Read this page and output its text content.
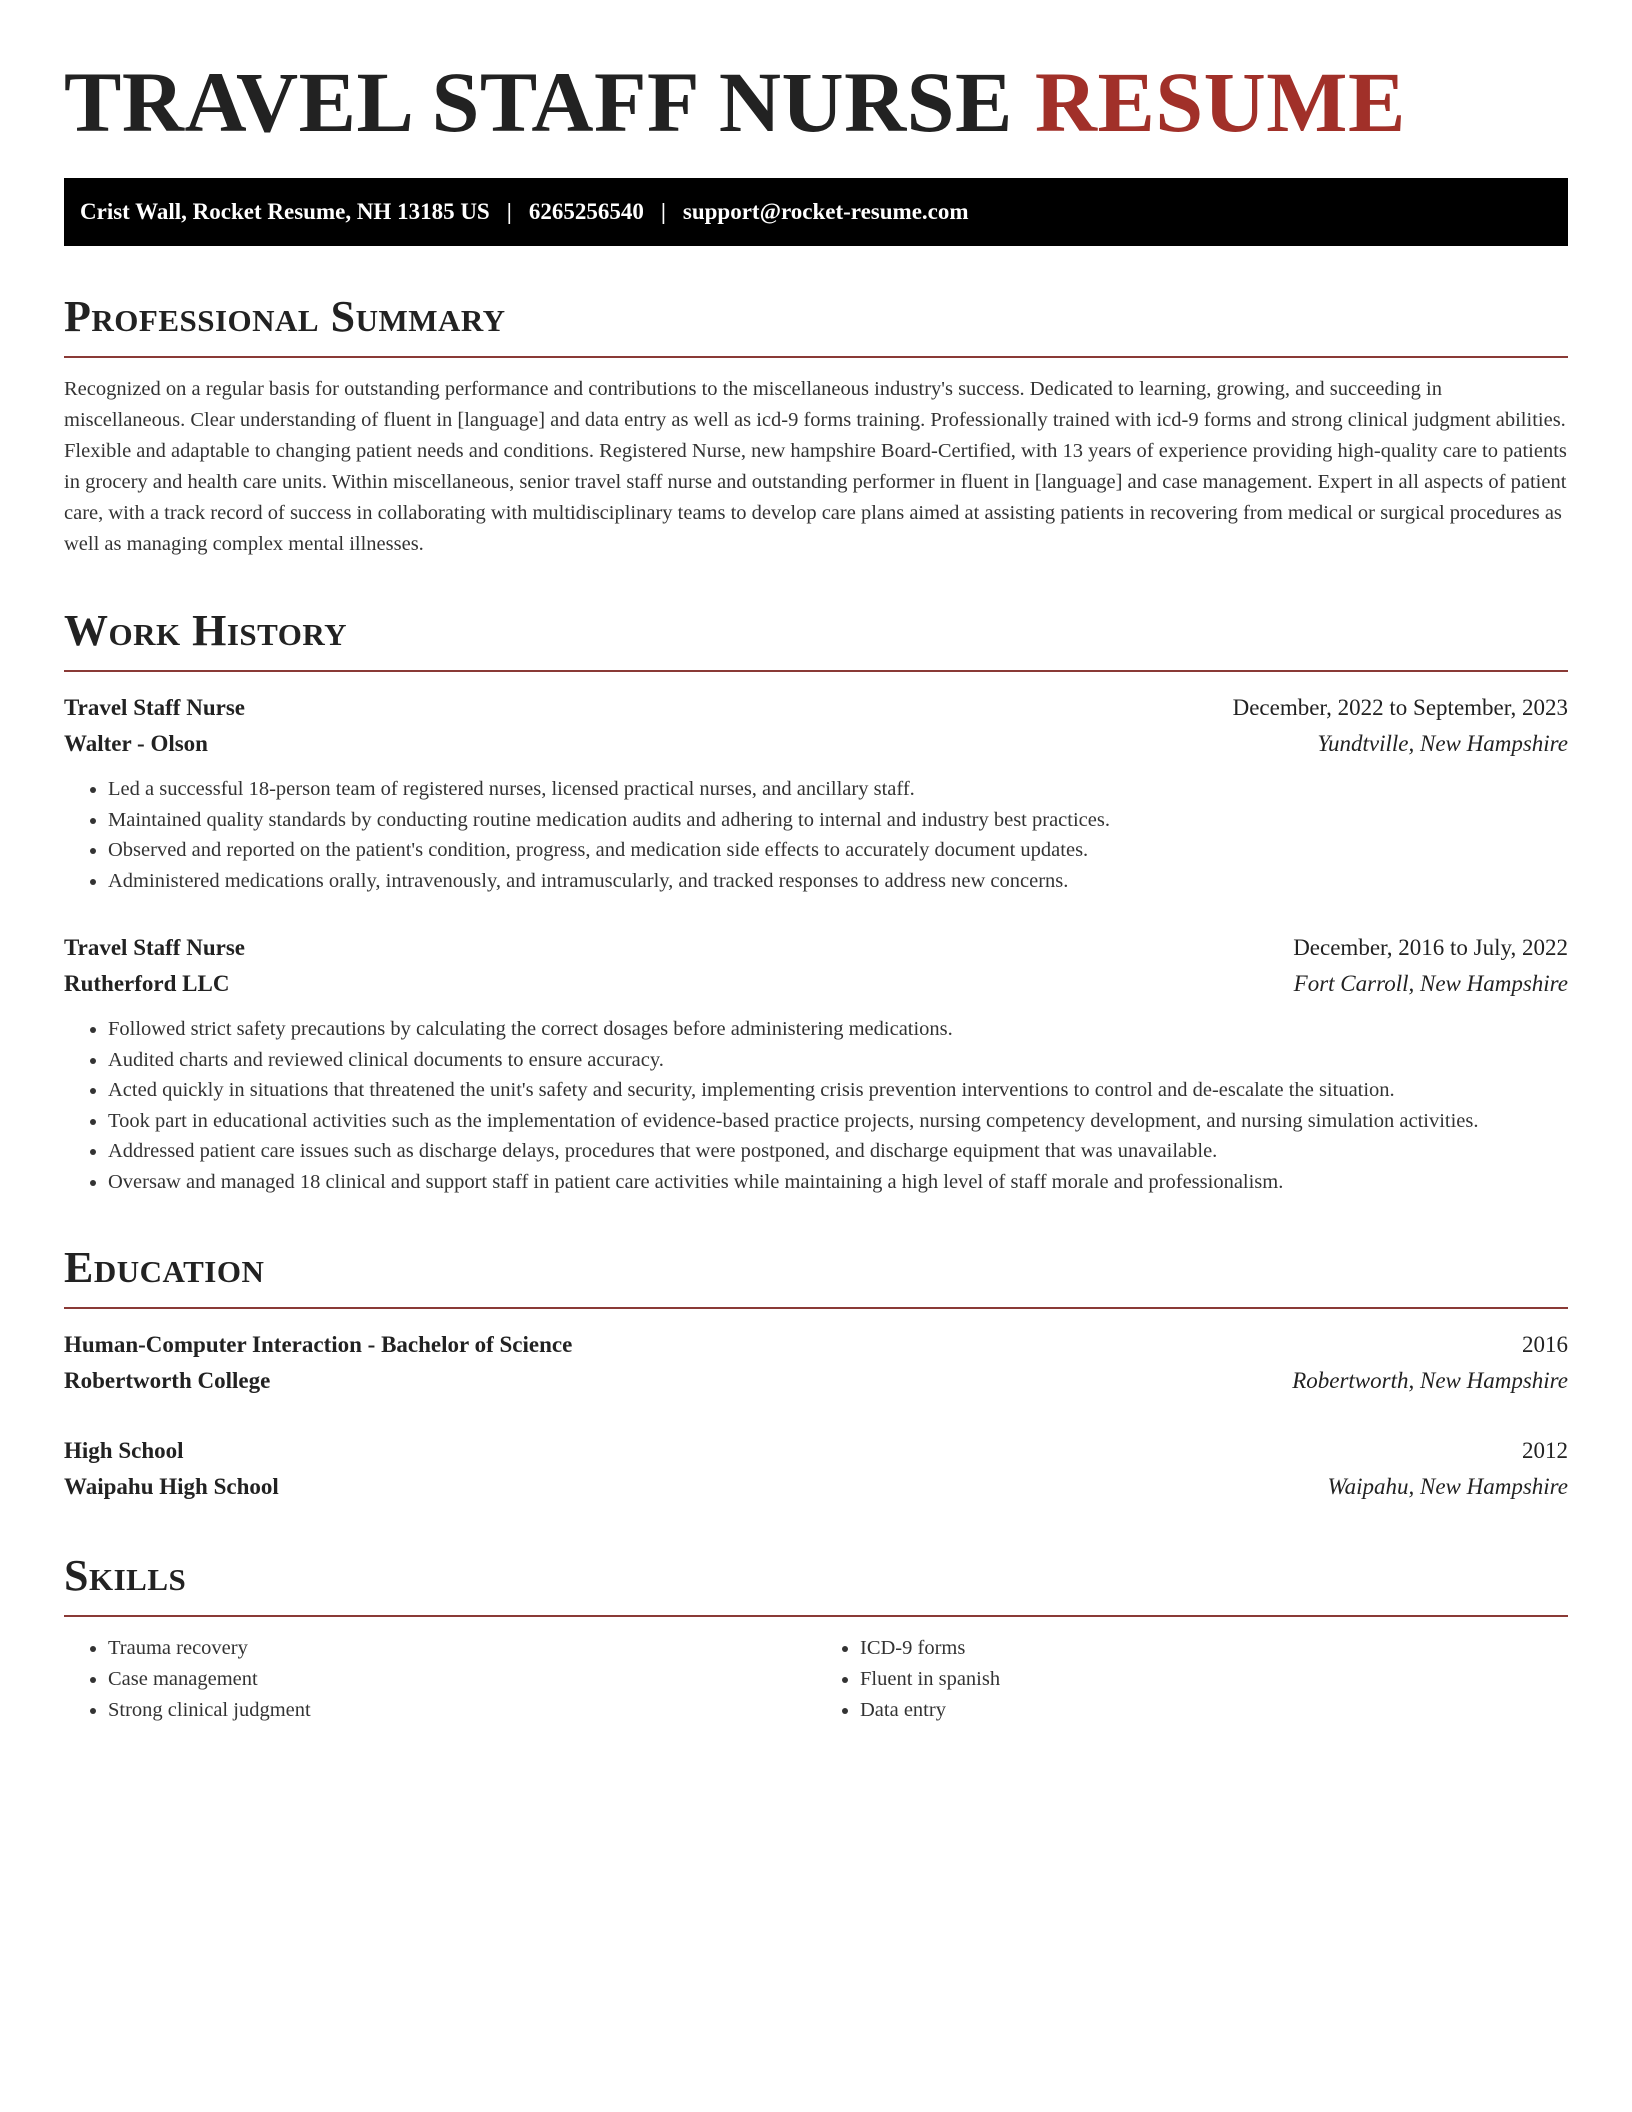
TRAVEL STAFF NURSE RESUME
Crist Wall, Rocket Resume, NH 13185 US | 6265256540 | support@rocket-resume.com
Professional Summary

Recognized on a regular basis for outstanding performance and contributions to the miscellaneous industry's success. Dedicated to learning, growing, and succeeding in miscellaneous. Clear understanding of fluent in [language] and data entry as well as icd-9 forms training. Professionally trained with icd-9 forms and strong clinical judgment abilities. Flexible and adaptable to changing patient needs and conditions. Registered Nurse, new hampshire Board-Certified, with 13 years of experience providing high-quality care to patients in grocery and health care units. Within miscellaneous, senior travel staff nurse and outstanding performer in fluent in [language] and case management. Expert in all aspects of patient care, with a track record of success in collaborating with multidisciplinary teams to develop care plans aimed at assisting patients in recovering from medical or surgical procedures as well as managing complex mental illnesses.

Work History
Travel Staff Nurse	December, 2022 to September, 2023
Walter - Olson	Yundtville, New Hampshire
• Led a successful 18-person team of registered nurses, licensed practical nurses, and ancillary staff.
• Maintained quality standards by conducting routine medication audits and adhering to internal and industry best practices.
• Observed and reported on the patient's condition, progress, and medication side effects to accurately document updates.
• Administered medications orally, intravenously, and intramuscularly, and tracked responses to address new concerns.
Travel Staff Nurse	December, 2016 to July, 2022
Rutherford LLC	Fort Carroll, New Hampshire
• Followed strict safety precautions by calculating the correct dosages before administering medications.
• Audited charts and reviewed clinical documents to ensure accuracy.
• Acted quickly in situations that threatened the unit's safety and security, implementing crisis prevention interventions to control and de-escalate the situation.
• Took part in educational activities such as the implementation of evidence-based practice projects, nursing competency development, and nursing simulation activities.
• Addressed patient care issues such as discharge delays, procedures that were postponed, and discharge equipment that was unavailable.
• Oversaw and managed 18 clinical and support staff in patient care activities while maintaining a high level of staff morale and professionalism.
Education
Human-Computer Interaction - Bachelor of Science	2016
Robertworth College	Robertworth, New Hampshire
High School	2012
Waipahu High School	Waipahu, New Hampshire
Skills
• Trauma recovery
• Case management
• Strong clinical judgment
• ICD-9 forms
• Fluent in spanish
• Data entry
